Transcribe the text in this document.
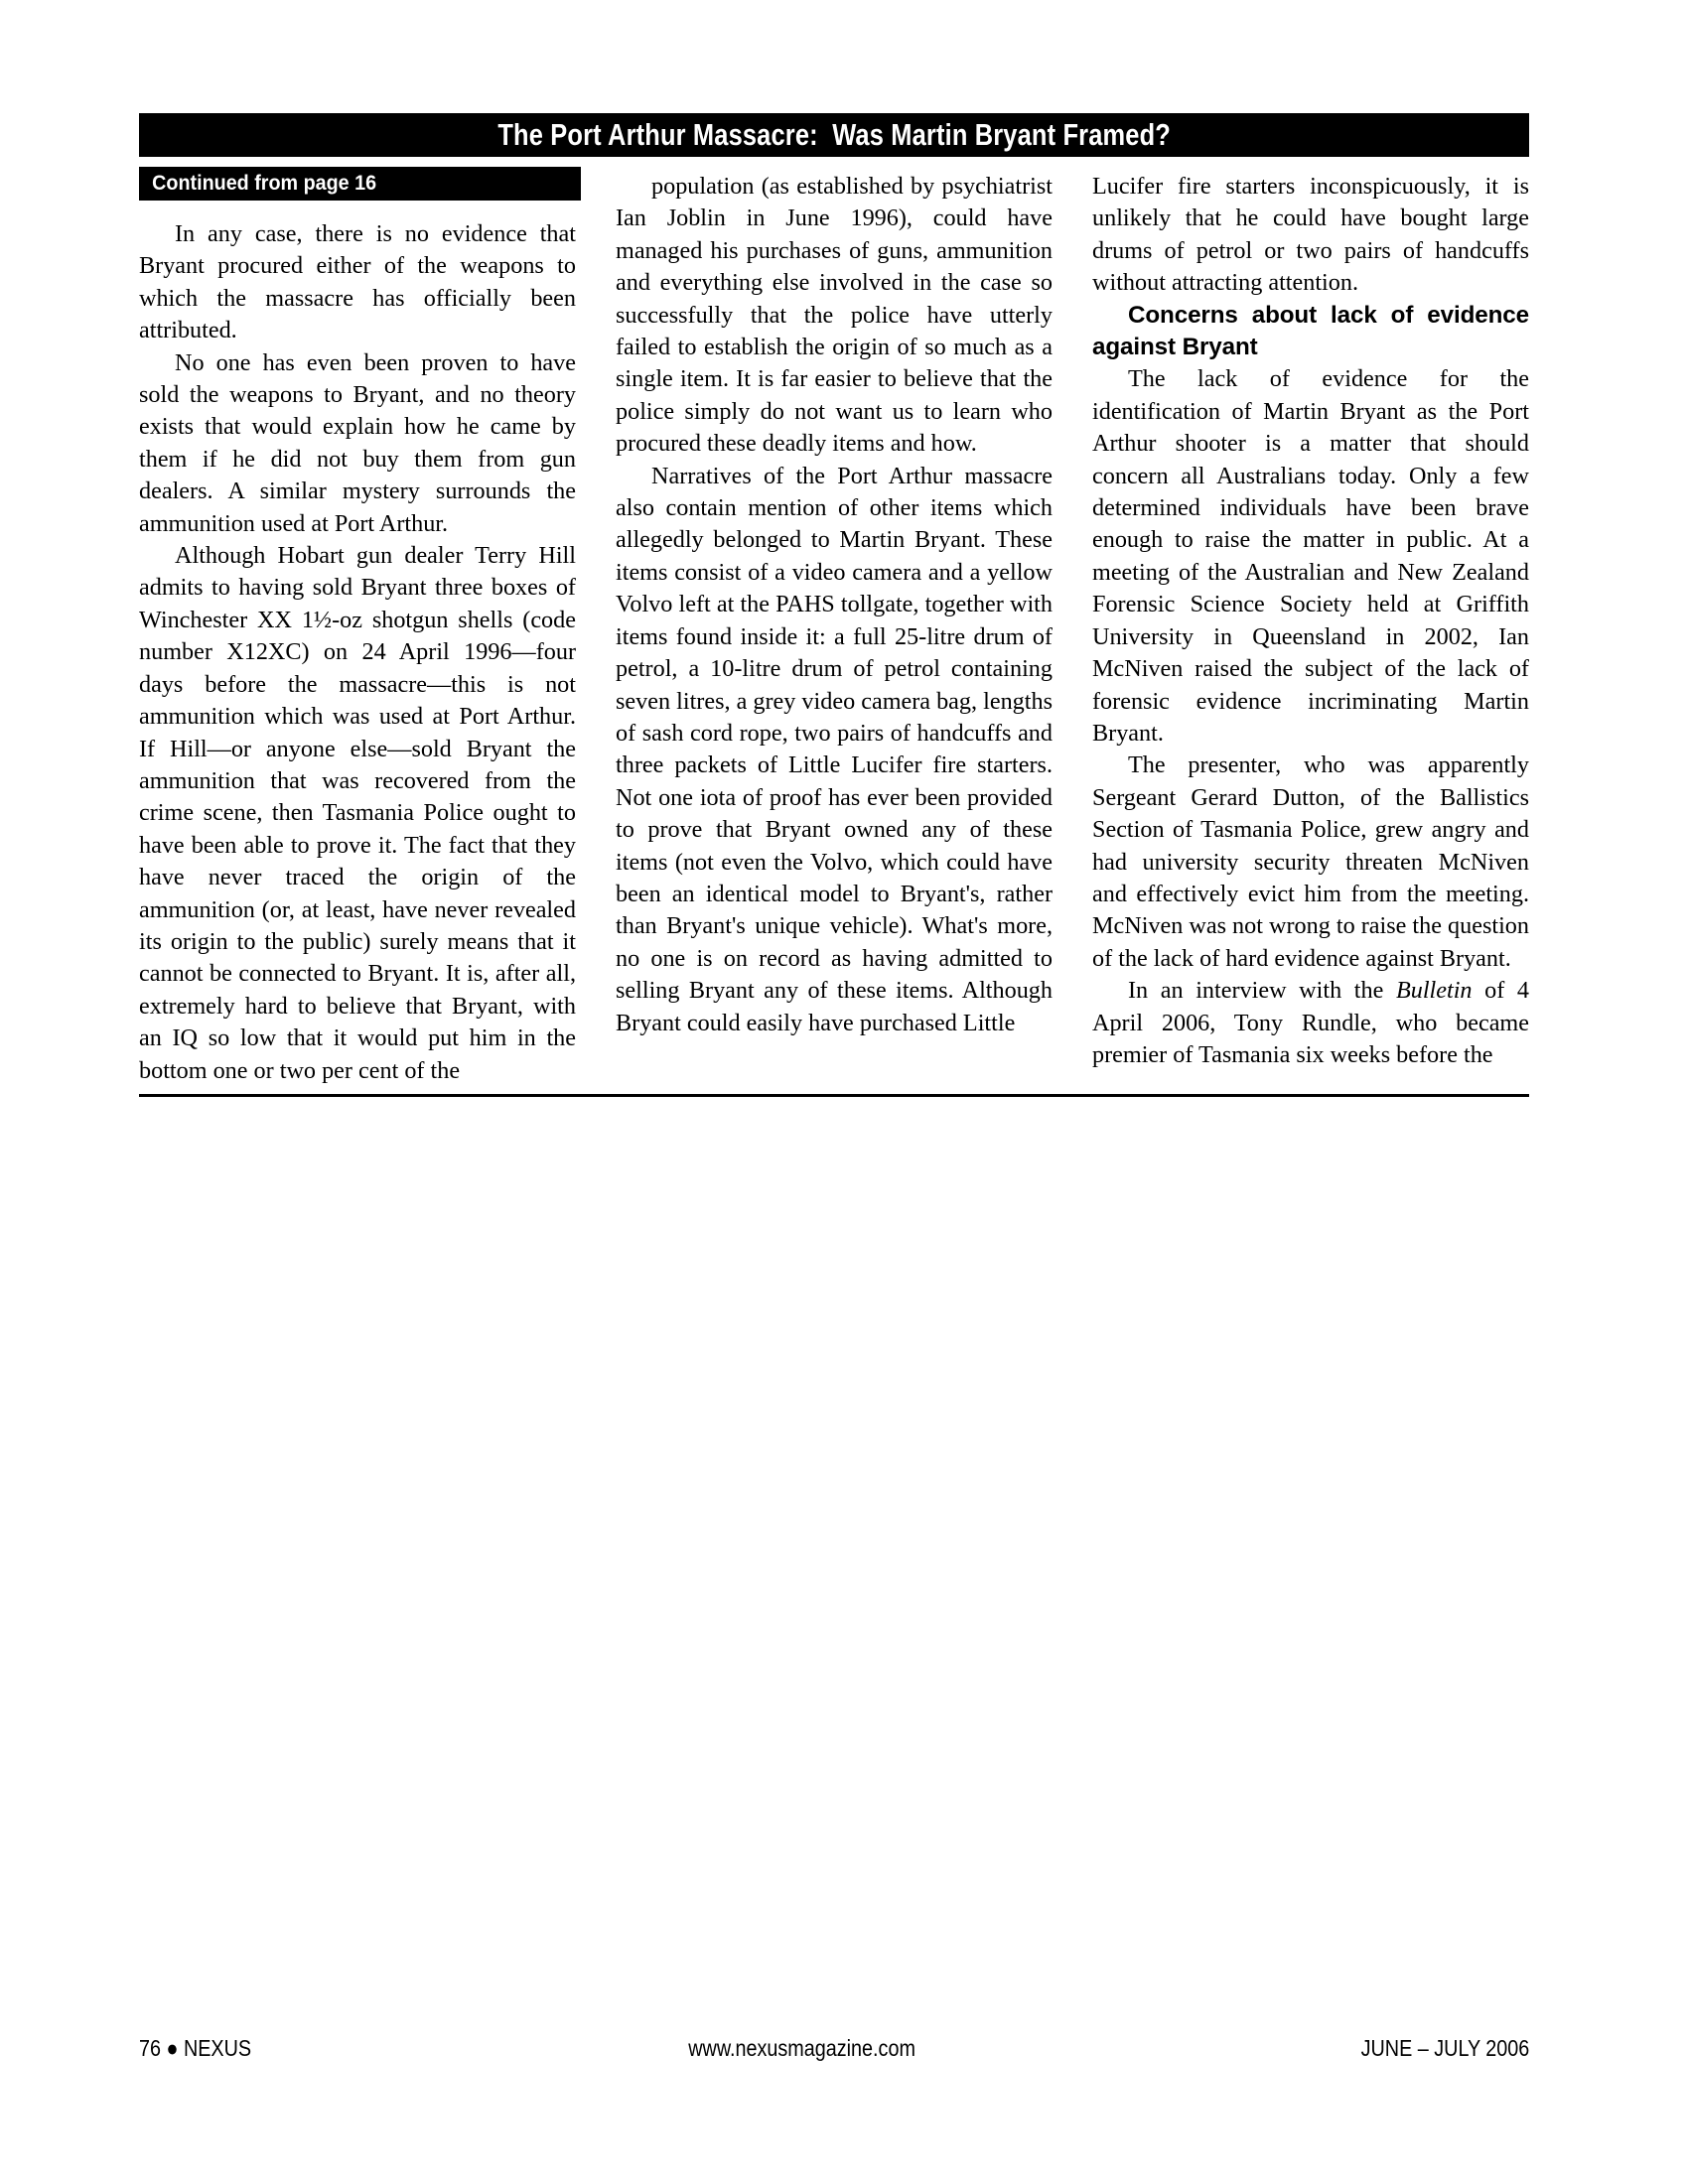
The Port Arthur Massacre:  Was Martin Bryant Framed?
Continued from page 16

In any case, there is no evidence that Bryant procured either of the weapons to which the massacre has officially been attributed.

No one has even been proven to have sold the weapons to Bryant, and no theory exists that would explain how he came by them if he did not buy them from gun dealers. A similar mystery surrounds the ammunition used at Port Arthur.

Although Hobart gun dealer Terry Hill admits to having sold Bryant three boxes of Winchester XX 1½-oz shotgun shells (code number X12XC) on 24 April 1996—four days before the massacre—this is not ammunition which was used at Port Arthur. If Hill—or anyone else—sold Bryant the ammunition that was recovered from the crime scene, then Tasmania Police ought to have been able to prove it. The fact that they have never traced the origin of the ammunition (or, at least, have never revealed its origin to the public) surely means that it cannot be connected to Bryant. It is, after all, extremely hard to believe that Bryant, with an IQ so low that it would put him in the bottom one or two per cent of the

population (as established by psychiatrist Ian Joblin in June 1996), could have managed his purchases of guns, ammunition and everything else involved in the case so successfully that the police have utterly failed to establish the origin of so much as a single item. It is far easier to believe that the police simply do not want us to learn who procured these deadly items and how.

Narratives of the Port Arthur massacre also contain mention of other items which allegedly belonged to Martin Bryant. These items consist of a video camera and a yellow Volvo left at the PAHS tollgate, together with items found inside it: a full 25-litre drum of petrol, a 10-litre drum of petrol containing seven litres, a grey video camera bag, lengths of sash cord rope, two pairs of handcuffs and three packets of Little Lucifer fire starters. Not one iota of proof has ever been provided to prove that Bryant owned any of these items (not even the Volvo, which could have been an identical model to Bryant's, rather than Bryant's unique vehicle). What's more, no one is on record as having admitted to selling Bryant any of these items. Although Bryant could easily have purchased Little

Lucifer fire starters inconspicuously, it is unlikely that he could have bought large drums of petrol or two pairs of handcuffs without attracting attention.

Concerns about lack of evidence against Bryant

The lack of evidence for the identification of Martin Bryant as the Port Arthur shooter is a matter that should concern all Australians today. Only a few determined individuals have been brave enough to raise the matter in public. At a meeting of the Australian and New Zealand Forensic Science Society held at Griffith University in Queensland in 2002, Ian McNiven raised the subject of the lack of forensic evidence incriminating Martin Bryant.

The presenter, who was apparently Sergeant Gerard Dutton, of the Ballistics Section of Tasmania Police, grew angry and had university security threaten McNiven and effectively evict him from the meeting. McNiven was not wrong to raise the question of the lack of hard evidence against Bryant.

In an interview with the Bulletin of 4 April 2006, Tony Rundle, who became premier of Tasmania six weeks before the

76 ● NEXUS	www.nexusmagazine.com	JUNE – JULY 2006
